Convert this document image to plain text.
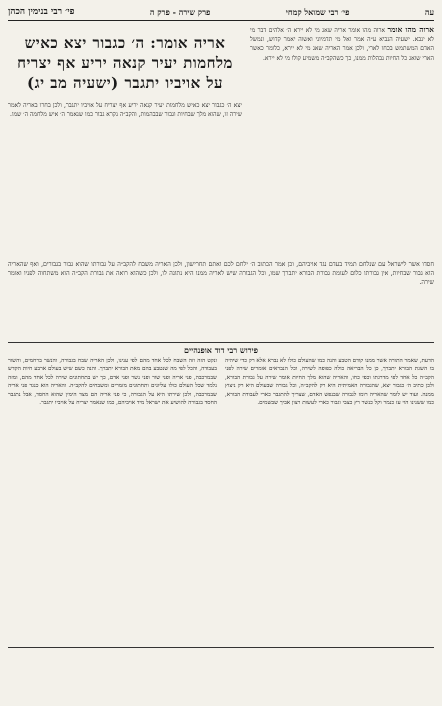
עה
פי׳ רבי שמואל קמחי
פרק שירה - פרק ה
פי׳ רבי בנימין הכהן

ארוה מהו אומר ארוה מהו אומר אריה שאג מי לא יירא ה׳ אלהים דבר מי לא ינבא. ישעיה הנביא ע״ה אמר ואל מי תדמיוני ואשוה יאמר קדוש, ונמשל האדם המשתמש בכחו לארי, ולכן אמר האריה שאג מי לא יירא, כלומר כאשר הארי שואג כל החיות נבהלות ממנו, כך כשהקב״ה משמיע קולו מי לא יירא.

אריה אומר: ה׳ כגבור יצא כאיש מלחמות יעיר קנאה יריע אף יצריח על אויביו יתגבר (ישעיה מב יג)

יצא ה׳ כגבור יצא כאיש מלחמות יעיר קנאה יריע אף יצריח על אויביו יתגבר, ולכן בחרו באריה לאמר שירה זו, שהוא מלך שבחיות וגבור שבבהמות, והקב״ה נקרא גבור כמו שנאמר ה׳ איש מלחמה ה׳ שמו.

חסדו אשר לישראל עם שנלחם תמיד בעדם נגד אויביהם, וכן אמר הכתוב ה׳ ילחם לכם ואתם תחרישון, ולכן האריה משבח להקב״ה על גבורתו שהוא גבור בגבורים, ואף שהאריה הוא גבור שבחיות, אין גבורתו כלום לעומת גבורת הבורא יתברך שמו, וכל הגבורה שיש לאריה ממנו היא נתונה לו, ולכן כשהוא רואה את גבורת הקב״ה הוא משתחוה לפניו ואומר שירה.
פירוש רבי דוד אופנהיים
הדעת, שאמר התורה אשר ממנו קודם הטבע והנה כמו שהעולם כולו לא נברא אלא רק כדי שיהיה בו השגת הבורא יתברך, כן כל הבריאה כולה כפופה לשירה, וכל הנבראים אומרים שירה לפני הקב״ה כל אחד לפי מדרגתו וכפי כחו, והאריה שהוא מלך החיות אומר שירה על גבורת הבורא, ולכן כתיב ה׳ כגבור יצא, שהגבורה האמיתית היא רק להקב״ה, וכל גבורה שבעולם היא רק ניצוץ ממנה. ועוד יש לומר שהאריה רומז לגבורה שבנפש האדם, שצריך להתגבר כארי לעבודת הבורא, כמו ששנינו הוי עז כנמר וקל כנשר רץ כצבי וגבור כארי לעשות רצון אביך שבשמים.
ונקט הזה וזה השבח לכל אחד מהם לפי ענינו, ולכן האריה שבח בגבורה, והנשר ברחמים, והשור בעבודה, והכל לפי מה שנטבע בהם מאת הבורא יתברך. והנה כשם שיש בעולם ארבע חיות הקדש שבמרכבה, פני אריה ופני שור ופני נשר ופני אדם, כך יש בתחתונים שירה לכל אחד מהם, ומזה נלמד שכל העולם כולו עליונים ותחתונים מזמרים ומשבחים להקב״ה. והאריה הוא כנגד פני אריה שבמרכבה, ולכן שירתו היא על הגבורה, כי פני אריה הם מצד הימין שהוא החסד, אבל נתגבר החסד בגבורה להושיע את ישראל מיד אויביהם, כמו שנאמר יצריח על אויביו יתגבר.
